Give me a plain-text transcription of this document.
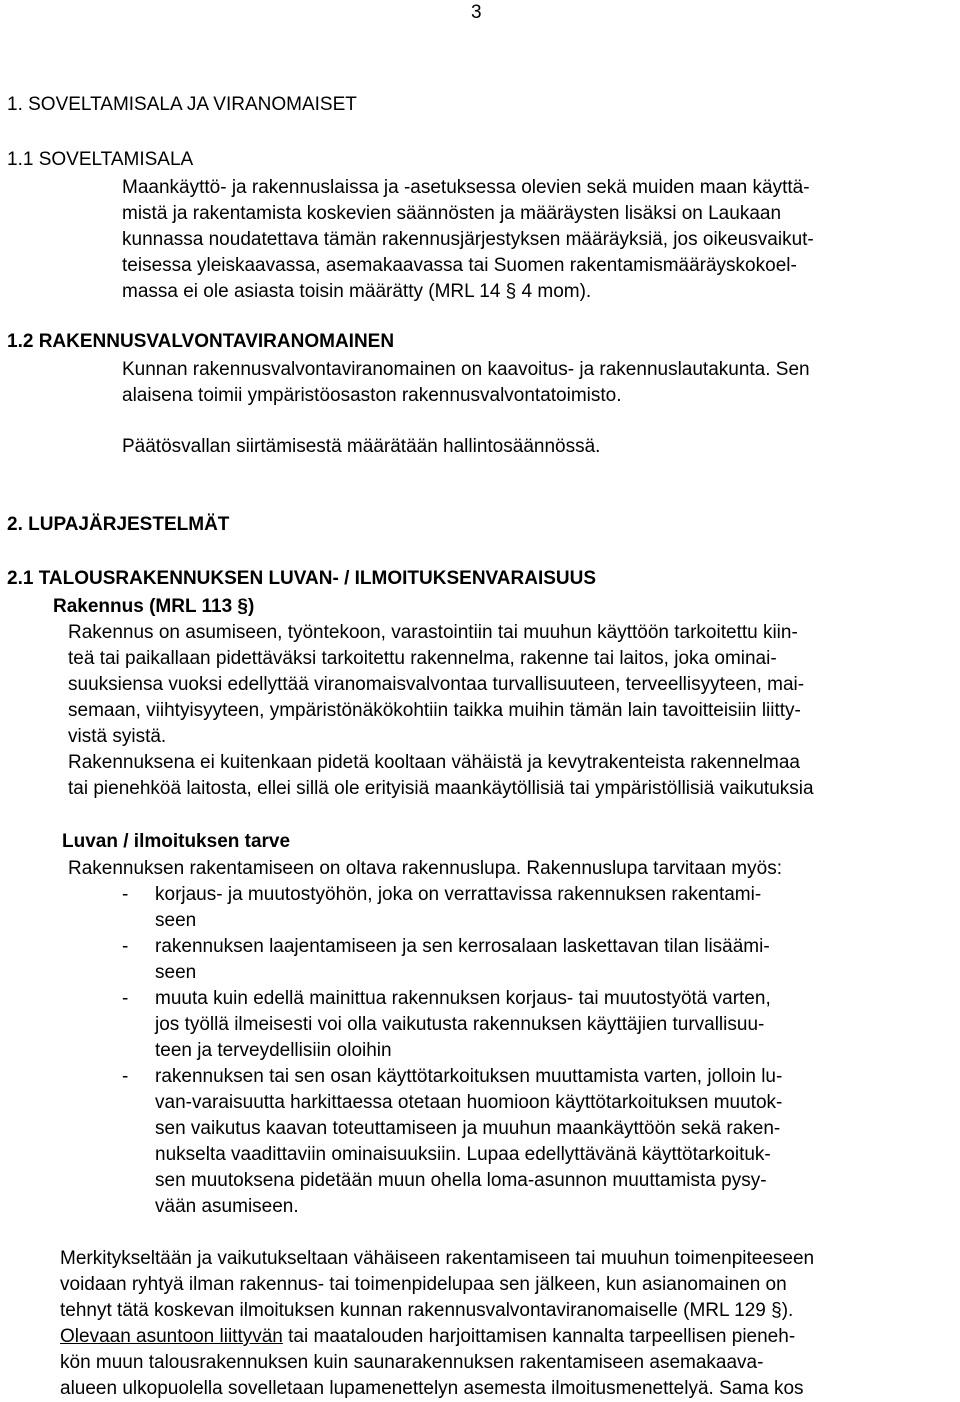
3
1. SOVELTAMISALA JA VIRANOMAISET
1.1 SOVELTAMISALA
Maankäyttö- ja rakennuslaissa ja -asetuksessa olevien sekä muiden maan käyttä-
mistä ja rakentamista koskevien säännösten ja määräysten lisäksi on Laukaan
kunnassa noudatettava tämän rakennusjärjestyksen määräyksiä, jos oikeusvaikut-
teisessa yleiskaavassa, asemakaavassa tai Suomen rakentamismääräyskokoel-
massa ei ole asiasta toisin määrätty (MRL 14 § 4 mom).
1.2 RAKENNUSVALVONTAVIRANOMAINEN
Kunnan rakennusvalvontaviranomainen on kaavoitus- ja rakennuslautakunta. Sen
alaisena toimii ympäristöosaston rakennusvalvontatoimisto.
Päätösvallan siirtämisestä määrätään hallintosäännössä.
2. LUPAJÄRJESTELMÄT
2.1 TALOUSRAKENNUKSEN LUVAN- / ILMOITUKSENVARAISUUS
Rakennus (MRL 113 §)
Rakennus on asumiseen, työntekoon, varastointiin tai muuhun käyttöön tarkoitettu kiin-
teä tai paikallaan pidettäväksi tarkoitettu rakennelma, rakenne tai laitos, joka ominai-
suuksiensa vuoksi edellyttää viranomaisvalvontaa turvallisuuteen, terveellisyyteen, mai-
semaan, viihtyisyyteen, ympäristönäkökohtiin taikka muihin tämän lain tavoitteisiin liitty-
vistä syistä.
Rakennuksena ei kuitenkaan pidetä kooltaan vähäistä ja kevytrakenteista rakennelmaa
tai pienehköä laitosta, ellei sillä ole erityisiä maankäytöllisiä tai ympäristöllisiä vaikutuksia
Luvan / ilmoituksen tarve
Rakennuksen rakentamiseen on oltava rakennuslupa. Rakennuslupa tarvitaan myös:
- korjaus- ja muutostyöhön, joka on verrattavissa rakennuksen rakentami-
seen
- rakennuksen laajentamiseen ja sen kerrosalaan laskettavan tilan lisäämi-
seen
- muuta kuin edellä mainittua rakennuksen korjaus- tai muutostyötä varten,
jos työllä ilmeisesti voi olla vaikutusta rakennuksen käyttäjien turvallisuu-
teen ja terveydellisiin oloihin
- rakennuksen tai sen osan käyttötarkoituksen muuttamista varten, jolloin lu-
van-varaisuutta harkittaessa otetaan huomioon käyttötarkoituksen muutok-
sen vaikutus kaavan toteuttamiseen ja muuhun maankäyttöön sekä raken-
nukselta vaadittaviin ominaisuuksiin. Lupaa edellyttävänä käyttötarkoituk-
sen muutoksena pidetään muun ohella loma-asunnon muuttamista pysy-
vään asumiseen.
Merkitykseltään ja vaikutukseltaan vähäiseen rakentamiseen tai muuhun toimenpiteeseen
voidaan ryhtyä ilman rakennus- tai toimenpidelupaa sen jälkeen, kun asianomainen on
tehnyt tätä koskevan ilmoituksen kunnan rakennusvalvontaviranomaiselle (MRL 129 §).
Olevaan asuntoon liittyvän tai maatalouden harjoittamisen kannalta tarpeellisen pieneh-
kön muun talousrakennuksen kuin saunarakennuksen rakentamiseen asemakaava-
alueen ulkopuolella sovelletaan lupamenettelyn asemesta ilmoitusmenettelyä. Sama kos
